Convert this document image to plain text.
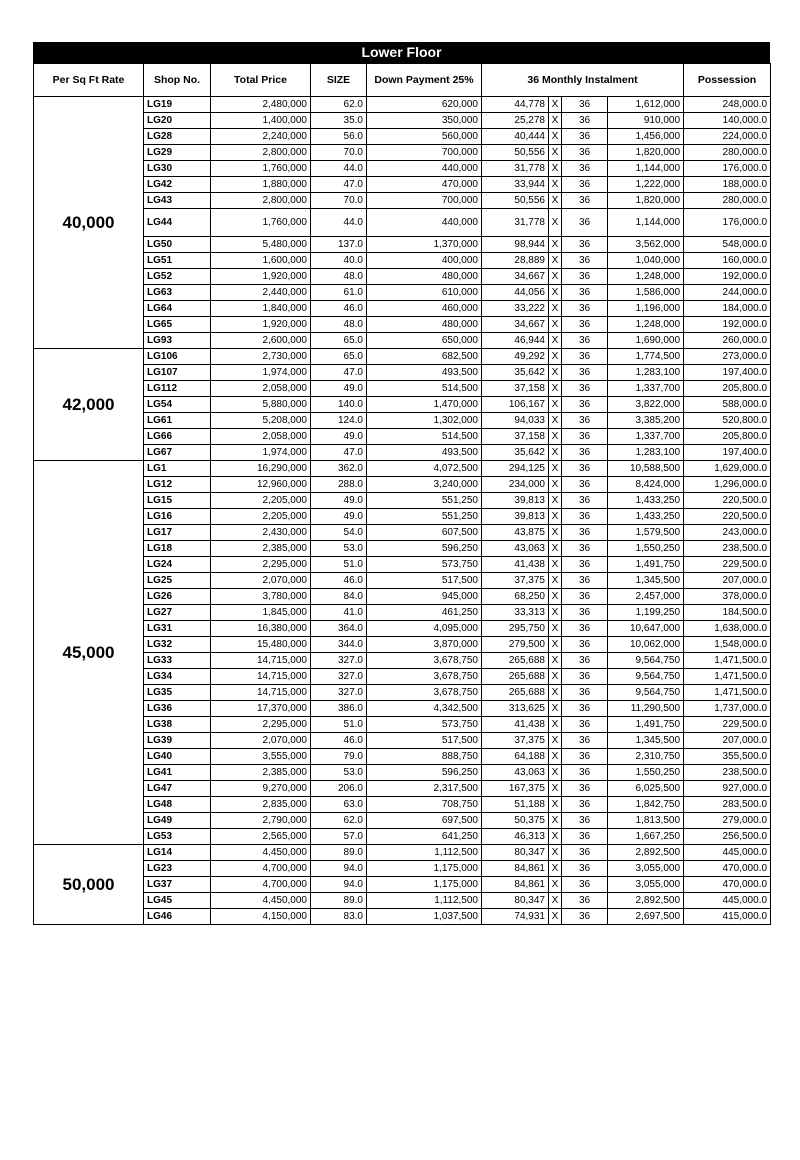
Lower Floor
Per Sq Ft Rate	Shop No.	Total Price	SIZE	Down Payment 25%	36 Monthly Instalment				Possession
40,000	LG19	2,480,000	62.0	620,000	44,778	X	36	1,612,000	248,000.0
	LG20	1,400,000	35.0	350,000	25,278	X	36	910,000	140,000.0
	LG28	2,240,000	56.0	560,000	40,444	X	36	1,456,000	224,000.0
	LG29	2,800,000	70.0	700,000	50,556	X	36	1,820,000	280,000.0
	LG30	1,760,000	44.0	440,000	31,778	X	36	1,144,000	176,000.0
	LG42	1,880,000	47.0	470,000	33,944	X	36	1,222,000	188,000.0
	LG43	2,800,000	70.0	700,000	50,556	X	36	1,820,000	280,000.0
	LG44	1,760,000	44.0	440,000	31,778	X	36	1,144,000	176,000.0
	LG50	5,480,000	137.0	1,370,000	98,944	X	36	3,562,000	548,000.0
	LG51	1,600,000	40.0	400,000	28,889	X	36	1,040,000	160,000.0
	LG52	1,920,000	48.0	480,000	34,667	X	36	1,248,000	192,000.0
	LG63	2,440,000	61.0	610,000	44,056	X	36	1,586,000	244,000.0
	LG64	1,840,000	46.0	460,000	33,222	X	36	1,196,000	184,000.0
	LG65	1,920,000	48.0	480,000	34,667	X	36	1,248,000	192,000.0
	LG93	2,600,000	65.0	650,000	46,944	X	36	1,690,000	260,000.0
42,000	LG106	2,730,000	65.0	682,500	49,292	X	36	1,774,500	273,000.0
	LG107	1,974,000	47.0	493,500	35,642	X	36	1,283,100	197,400.0
	LG112	2,058,000	49.0	514,500	37,158	X	36	1,337,700	205,800.0
	LG54	5,880,000	140.0	1,470,000	106,167	X	36	3,822,000	588,000.0
	LG61	5,208,000	124.0	1,302,000	94,033	X	36	3,385,200	520,800.0
	LG66	2,058,000	49.0	514,500	37,158	X	36	1,337,700	205,800.0
	LG67	1,974,000	47.0	493,500	35,642	X	36	1,283,100	197,400.0
45,000	LG1	16,290,000	362.0	4,072,500	294,125	X	36	10,588,500	1,629,000.0
	LG12	12,960,000	288.0	3,240,000	234,000	X	36	8,424,000	1,296,000.0
	LG15	2,205,000	49.0	551,250	39,813	X	36	1,433,250	220,500.0
	LG16	2,205,000	49.0	551,250	39,813	X	36	1,433,250	220,500.0
	LG17	2,430,000	54.0	607,500	43,875	X	36	1,579,500	243,000.0
	LG18	2,385,000	53.0	596,250	43,063	X	36	1,550,250	238,500.0
	LG24	2,295,000	51.0	573,750	41,438	X	36	1,491,750	229,500.0
	LG25	2,070,000	46.0	517,500	37,375	X	36	1,345,500	207,000.0
	LG26	3,780,000	84.0	945,000	68,250	X	36	2,457,000	378,000.0
	LG27	1,845,000	41.0	461,250	33,313	X	36	1,199,250	184,500.0
	LG31	16,380,000	364.0	4,095,000	295,750	X	36	10,647,000	1,638,000.0
	LG32	15,480,000	344.0	3,870,000	279,500	X	36	10,062,000	1,548,000.0
	LG33	14,715,000	327.0	3,678,750	265,688	X	36	9,564,750	1,471,500.0
	LG34	14,715,000	327.0	3,678,750	265,688	X	36	9,564,750	1,471,500.0
	LG35	14,715,000	327.0	3,678,750	265,688	X	36	9,564,750	1,471,500.0
	LG36	17,370,000	386.0	4,342,500	313,625	X	36	11,290,500	1,737,000.0
	LG38	2,295,000	51.0	573,750	41,438	X	36	1,491,750	229,500.0
	LG39	2,070,000	46.0	517,500	37,375	X	36	1,345,500	207,000.0
	LG40	3,555,000	79.0	888,750	64,188	X	36	2,310,750	355,500.0
	LG41	2,385,000	53.0	596,250	43,063	X	36	1,550,250	238,500.0
	LG47	9,270,000	206.0	2,317,500	167,375	X	36	6,025,500	927,000.0
	LG48	2,835,000	63.0	708,750	51,188	X	36	1,842,750	283,500.0
	LG49	2,790,000	62.0	697,500	50,375	X	36	1,813,500	279,000.0
	LG53	2,565,000	57.0	641,250	46,313	X	36	1,667,250	256,500.0
50,000	LG14	4,450,000	89.0	1,112,500	80,347	X	36	2,892,500	445,000.0
	LG23	4,700,000	94.0	1,175,000	84,861	X	36	3,055,000	470,000.0
	LG37	4,700,000	94.0	1,175,000	84,861	X	36	3,055,000	470,000.0
	LG45	4,450,000	89.0	1,112,500	80,347	X	36	2,892,500	445,000.0
	LG46	4,150,000	83.0	1,037,500	74,931	X	36	2,697,500	415,000.0
